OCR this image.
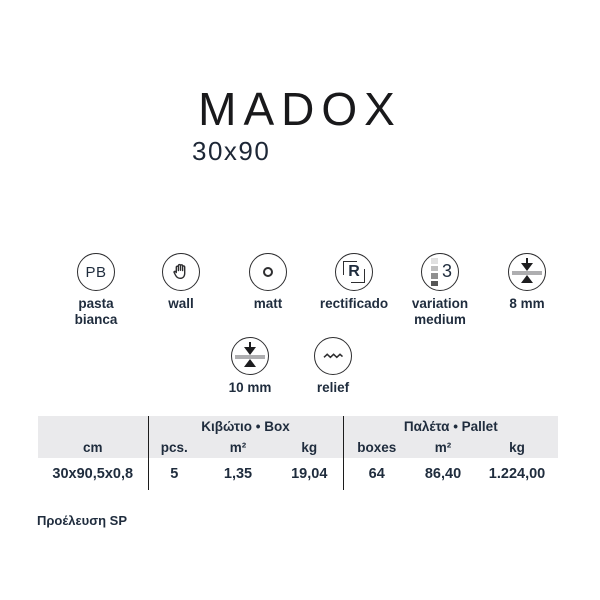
MADOX
30x90
PB
pasta bianca
wall	matt
R
rectificado
3
variation medium
8 mm
10 mm	relief
	Κιβώτιο • Box			Παλέτα • Pallet		
cm	pcs.	m²	kg	boxes	m²	kg
30x90,5x0,8	5	1,35	19,04	64	86,40	1.224,00
Προέλευση SP
